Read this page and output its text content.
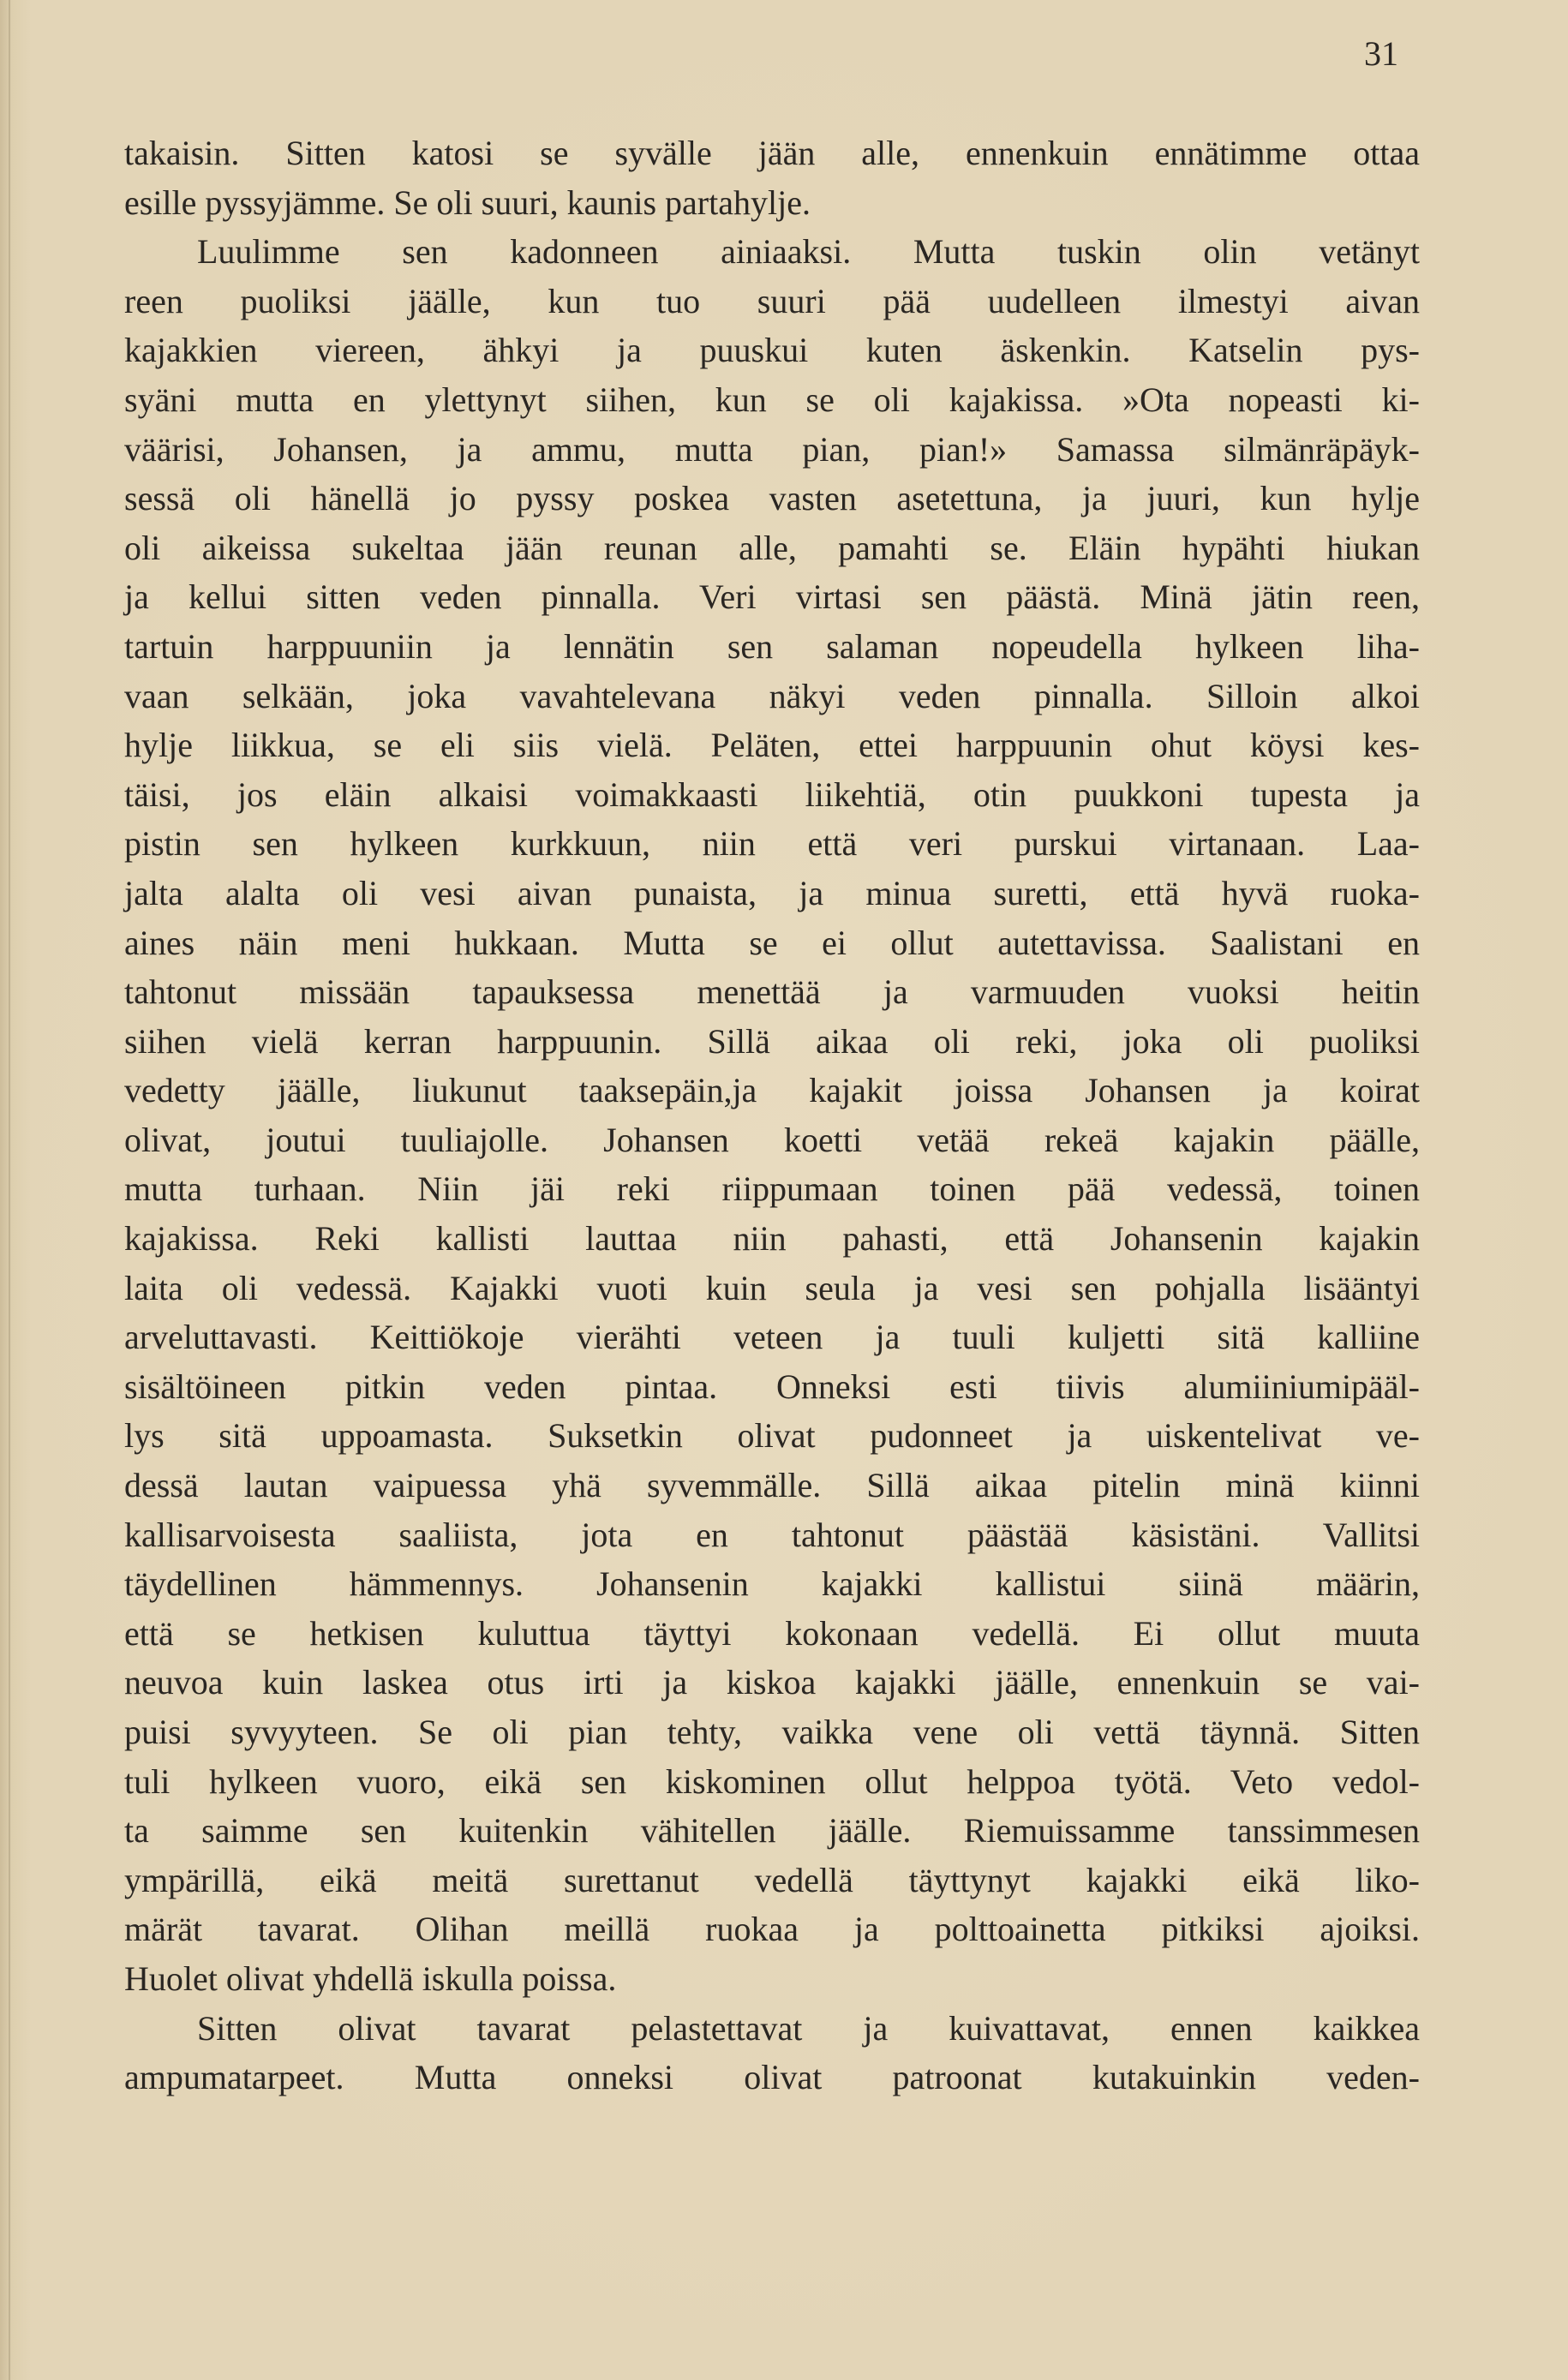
31

takaisin. Sitten katosi se syvälle jään alle, ennenkuin ennätimme ottaa
esille pyssyjämme. Se oli suuri, kaunis partahylje.
Luulimme sen kadonneen ainiaaksi. Mutta tuskin olin vetänyt
reen puoliksi jäälle, kun tuo suuri pää uudelleen ilmestyi aivan
kajakkien viereen, ähkyi ja puuskui kuten äskenkin. Katselin pys-
syäni mutta en ylettynyt siihen, kun se oli kajakissa. »Ota nopeasti ki-
väärisi, Johansen, ja ammu, mutta pian, pian!» Samassa silmänräpäyk-
sessä oli hänellä jo pyssy poskea vasten asetettuna, ja juuri, kun hylje
oli aikeissa sukeltaa jään reunan alle, pamahti se. Eläin hypähti hiukan
ja kellui sitten veden pinnalla. Veri virtasi sen päästä. Minä jätin reen,
tartuin harppuuniin ja lennätin sen salaman nopeudella hylkeen liha-
vaan selkään, joka vavahtelevana näkyi veden pinnalla. Silloin alkoi
hylje liikkua, se eli siis vielä. Peläten, ettei harppuunin ohut köysi kes-
täisi, jos eläin alkaisi voimakkaasti liikehtiä, otin puukkoni tupesta ja
pistin sen hylkeen kurkkuun, niin että veri purskui virtanaan. Laa-
jalta alalta oli vesi aivan punaista, ja minua suretti, että hyvä ruoka-
aines näin meni hukkaan. Mutta se ei ollut autettavissa. Saalistani en
tahtonut missään tapauksessa menettää ja varmuuden vuoksi heitin
siihen vielä kerran harppuunin. Sillä aikaa oli reki, joka oli puoliksi
vedetty jäälle, liukunut taaksepäin,ja kajakit joissa Johansen ja koirat
olivat, joutui tuuliajolle. Johansen koetti vetää rekeä kajakin päälle,
mutta turhaan. Niin jäi reki riippumaan toinen pää vedessä, toinen
kajakissa. Reki kallisti lauttaa niin pahasti, että Johansenin kajakin
laita oli vedessä. Kajakki vuoti kuin seula ja vesi sen pohjalla lisääntyi
arveluttavasti. Keittiökoje vierähti veteen ja tuuli kuljetti sitä kalliine
sisältöineen pitkin veden pintaa. Onneksi esti tiivis alumiiniumipääl-
lys sitä uppoamasta. Suksetkin olivat pudonneet ja uiskentelivat ve-
dessä lautan vaipuessa yhä syvemmälle. Sillä aikaa pitelin minä kiinni
kallisarvoisesta saaliista, jota en tahtonut päästää käsistäni. Vallitsi
täydellinen hämmennys. Johansenin kajakki kallistui siinä määrin,
että se hetkisen kuluttua täyttyi kokonaan vedellä. Ei ollut muuta
neuvoa kuin laskea otus irti ja kiskoa kajakki jäälle, ennenkuin se vai-
puisi syvyyteen. Se oli pian tehty, vaikka vene oli vettä täynnä. Sitten
tuli hylkeen vuoro, eikä sen kiskominen ollut helppoa työtä. Veto vedol-
ta saimme sen kuitenkin vähitellen jäälle. Riemuissamme tanssimmesen
ympärillä, eikä meitä surettanut vedellä täyttynyt kajakki eikä liko-
märät tavarat. Olihan meillä ruokaa ja polttoainetta pitkiksi ajoiksi.
Huolet olivat yhdellä iskulla poissa.
Sitten olivat tavarat pelastettavat ja kuivattavat, ennen kaikkea
ampumatarpeet. Mutta onneksi olivat patroonat kutakuinkin veden-
